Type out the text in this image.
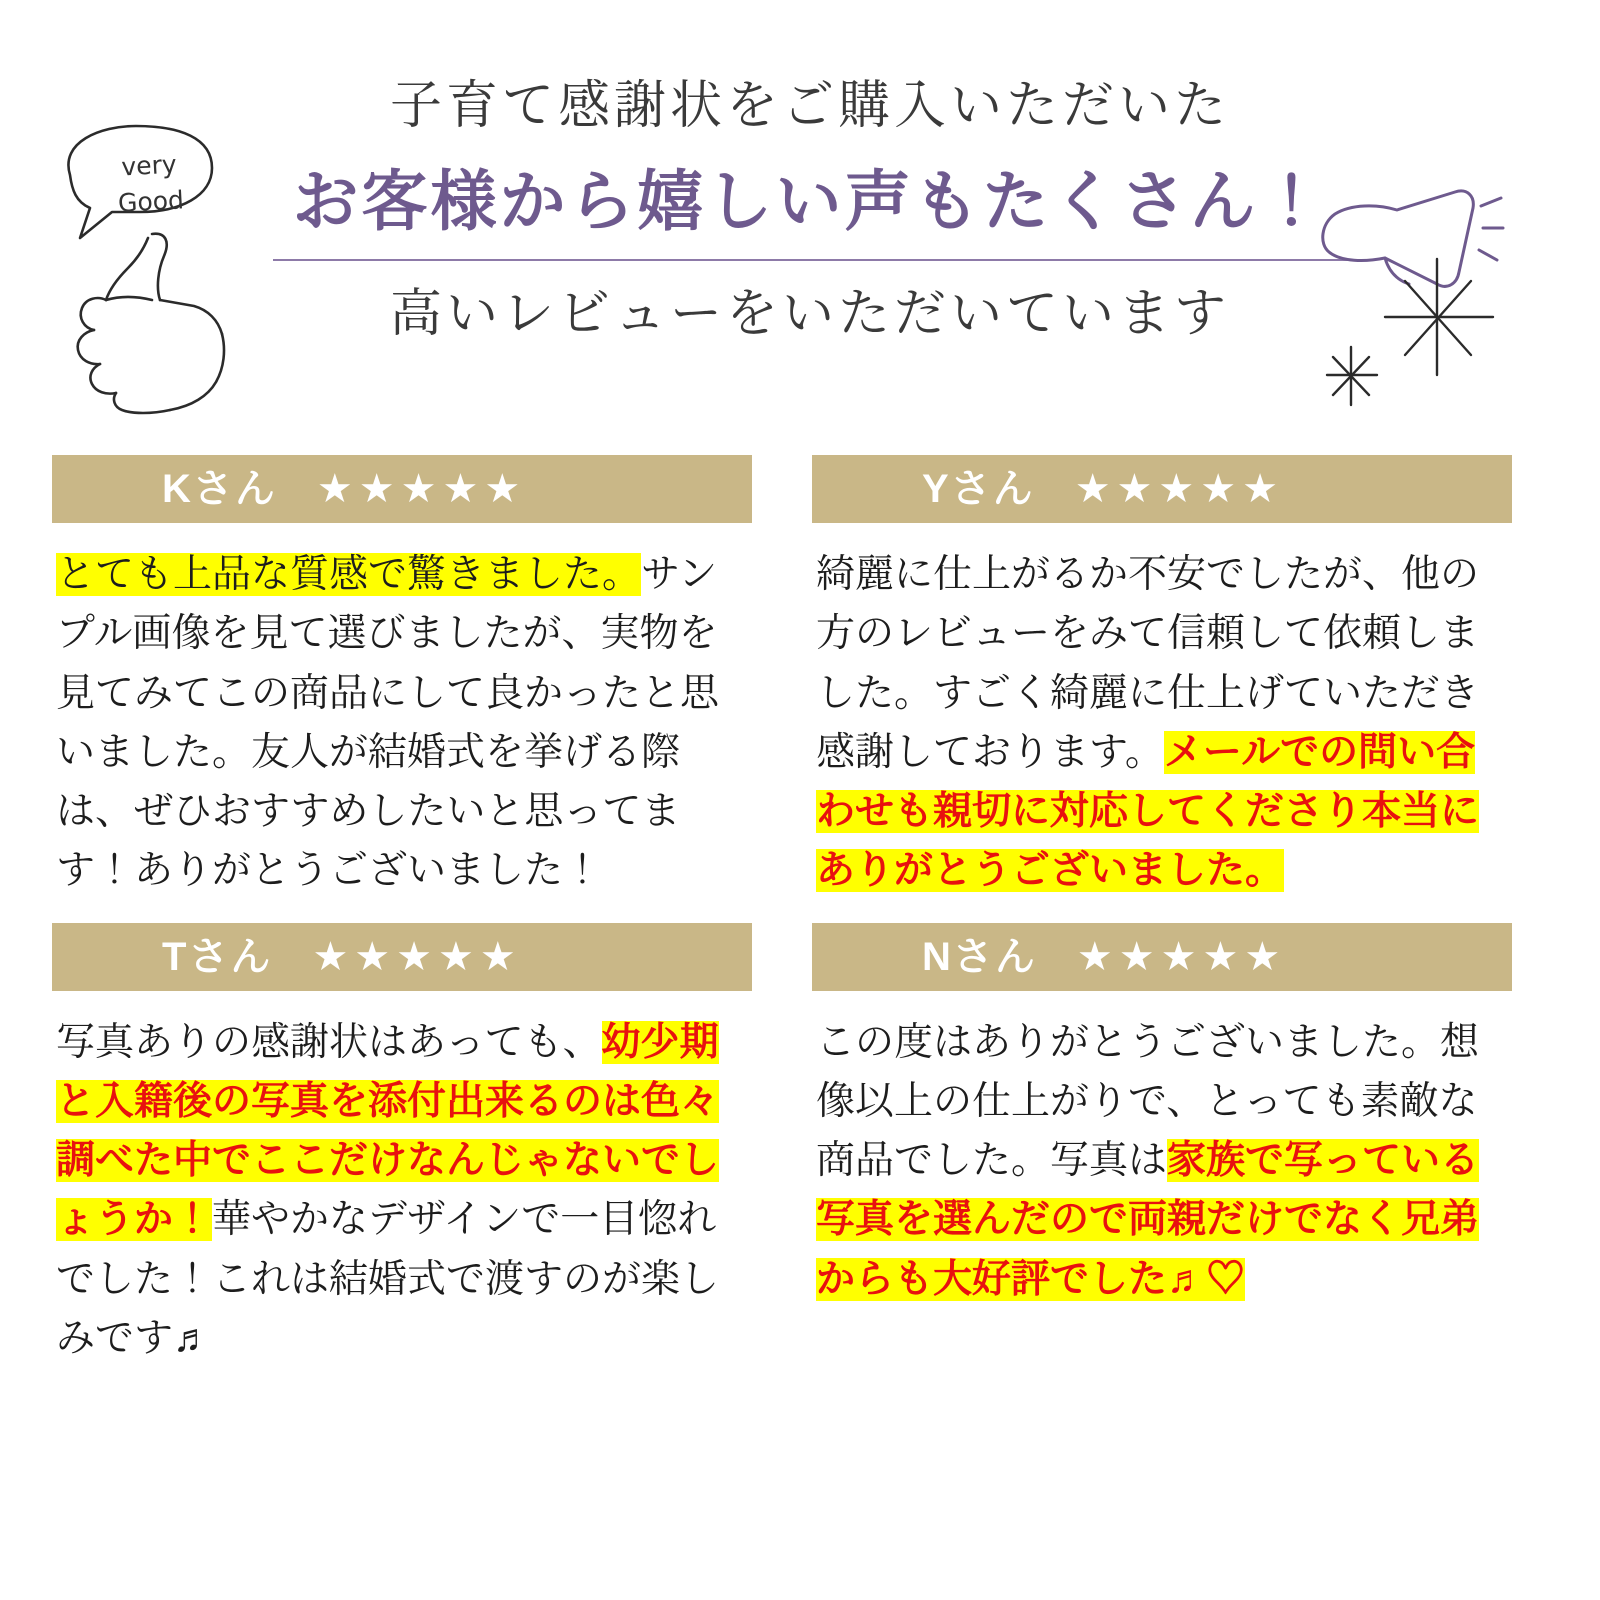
very
Good
子育て感謝状をご購入いただいた
お客様から嬉しい声もたくさん！
高いレビューをいただいています
Kさん ★★★★★
とても上品な質感で驚きました。サンプル画像を見て選びましたが、実物を見てみてこの商品にして良かったと思いました。友人が結婚式を挙げる際は、ぜひおすすめしたいと思ってます！ありがとうございました！
Yさん ★★★★★
綺麗に仕上がるか不安でしたが、他の方のレビューをみて信頼して依頼しました。すごく綺麗に仕上げていただき感謝しております。メールでの問い合わせも親切に対応してくださり本当にありがとうございました。
Tさん ★★★★★
写真ありの感謝状はあっても、幼少期と入籍後の写真を添付出来るのは色々調べた中でここだけなんじゃないでしょうか！華やかなデザインで一目惚れでした！これは結婚式で渡すのが楽しみです♬
Nさん ★★★★★
この度はありがとうございました。想像以上の仕上がりで、とっても素敵な商品でした。写真は家族で写っている写真を選んだので両親だけでなく兄弟からも大好評でした♬♡
